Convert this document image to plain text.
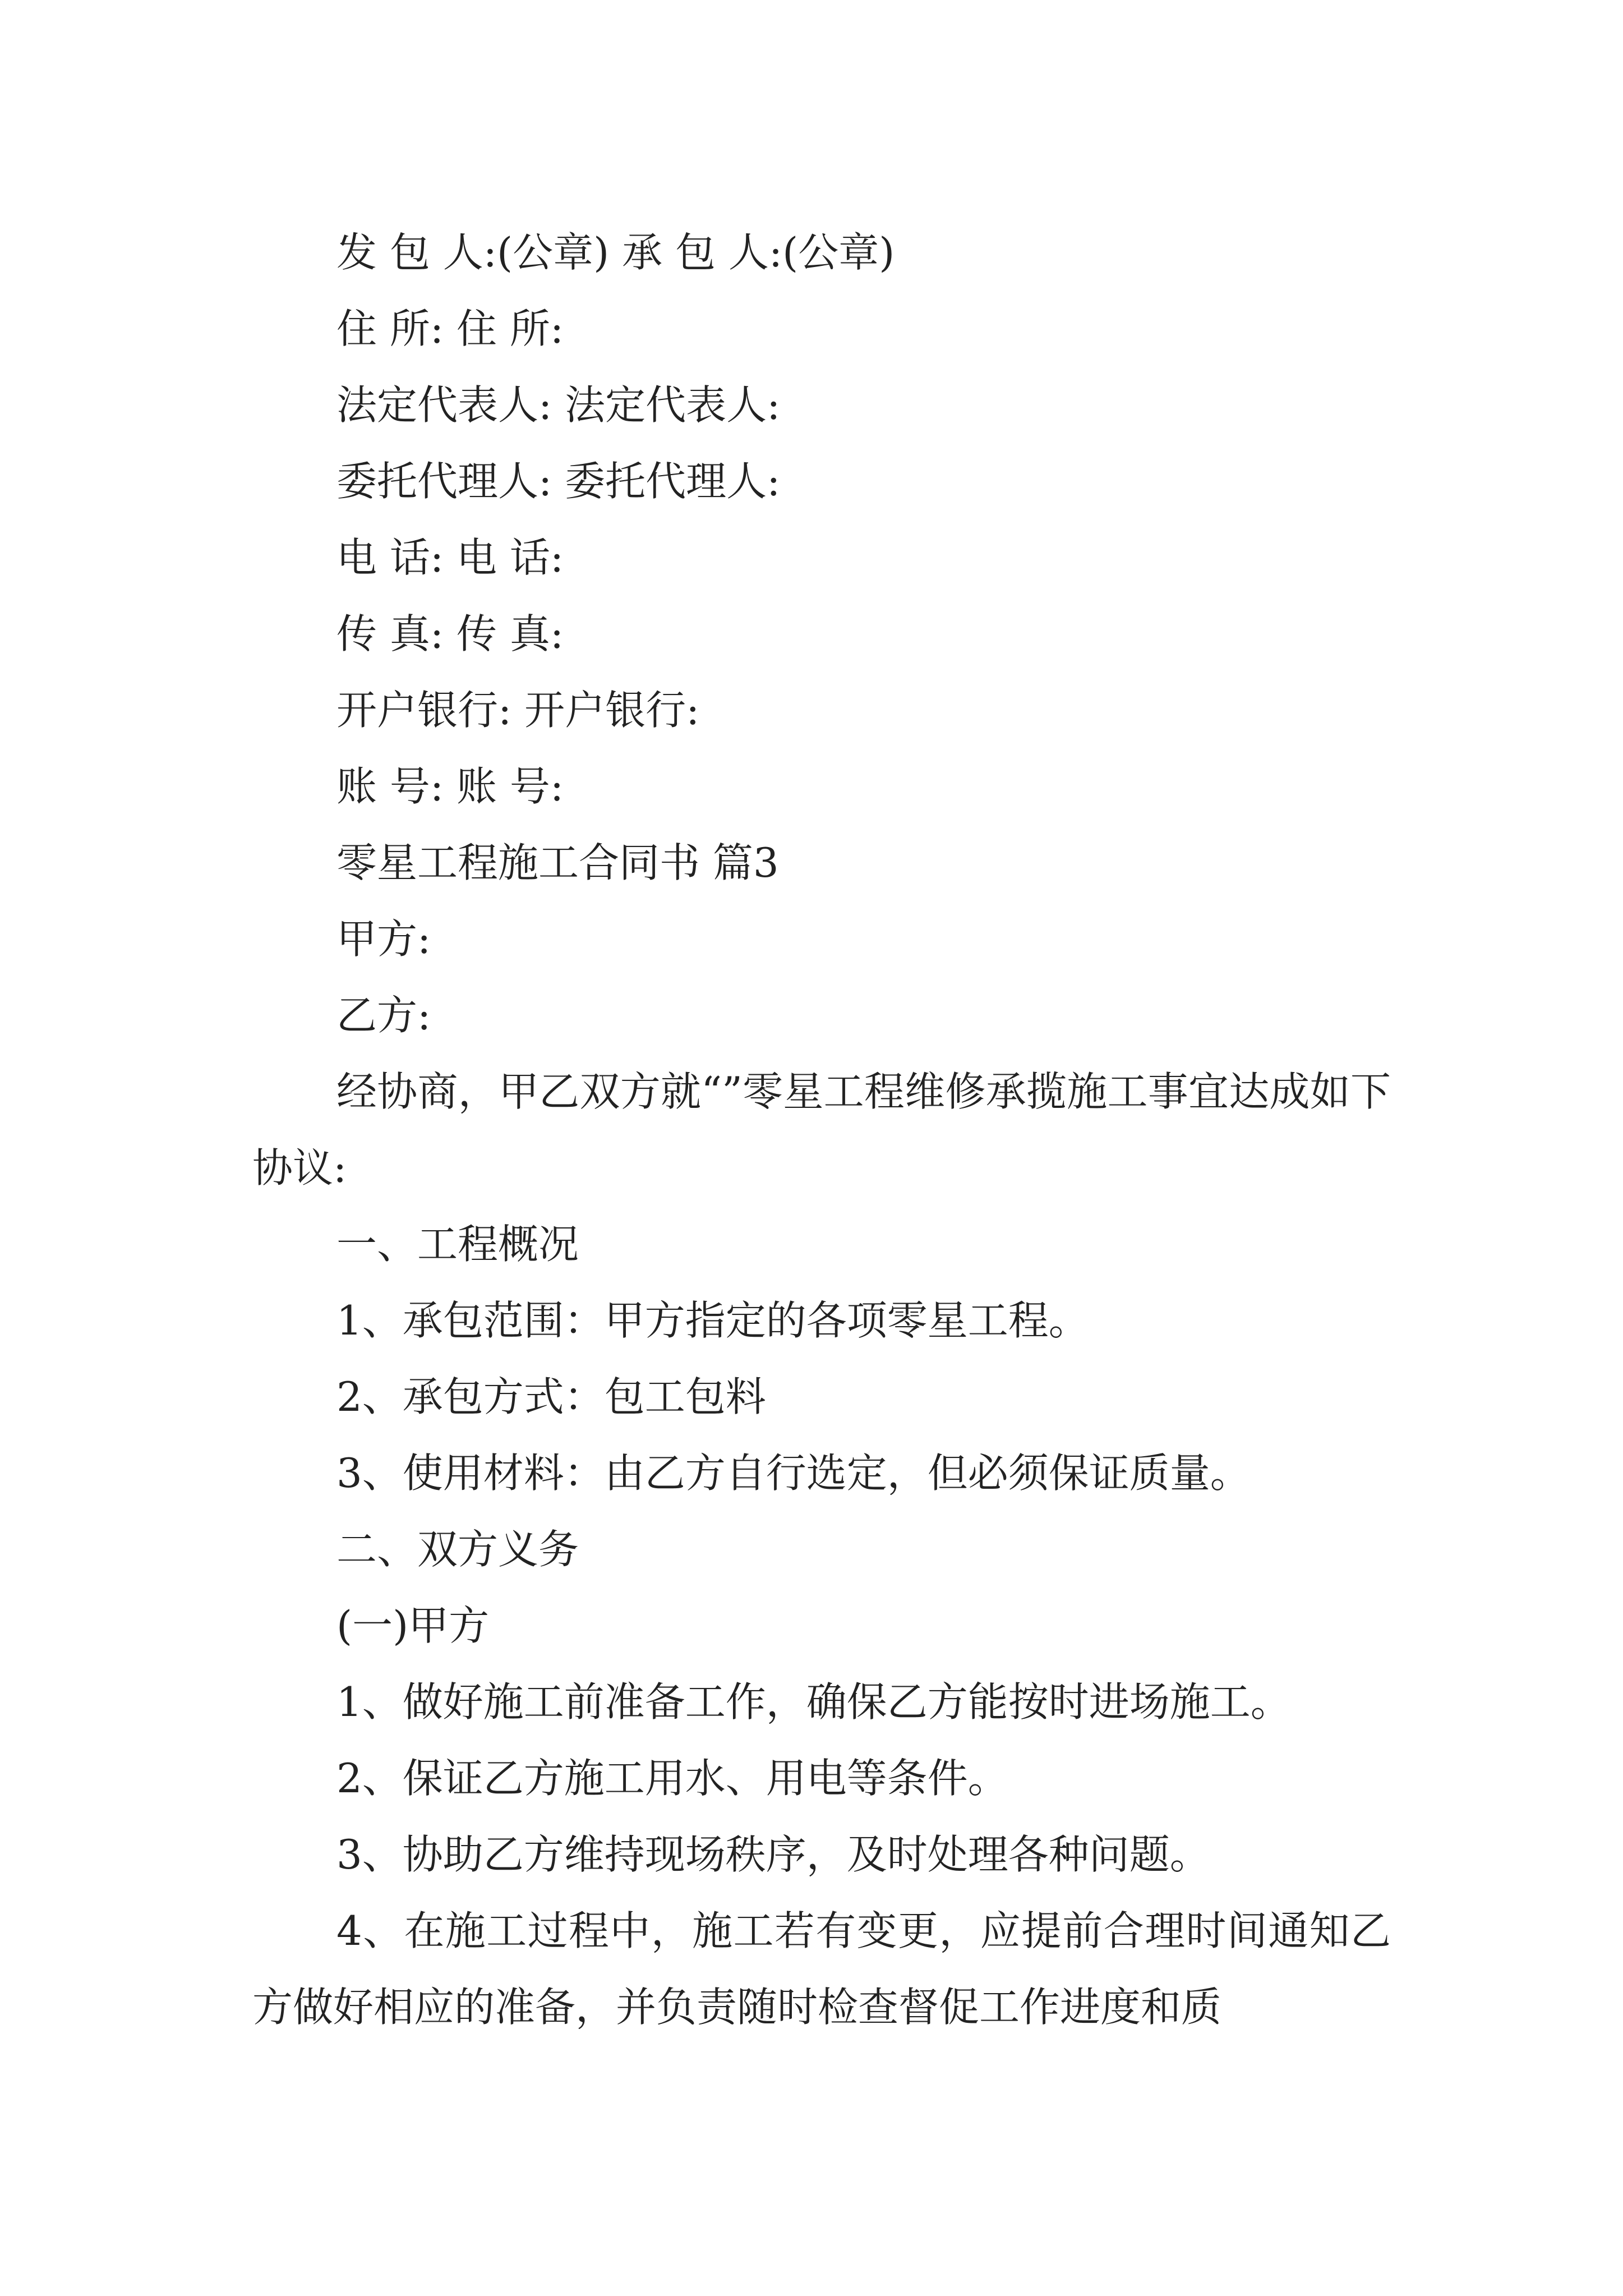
发 包 人:(公章) 承 包 人:(公章)

住 所: 住 所:

法定代表人: 法定代表人:

委托代理人: 委托代理人:

电 话: 电 话:

传 真: 传 真:

开户银行: 开户银行:

账 号: 账 号:

零星工程施工合同书 篇3

甲方:

乙方:

经协商，甲乙双方就“”零星工程维修承揽施工事宜达成如下协议:

一、工程概况

1、承包范围：甲方指定的各项零星工程。

2、承包方式：包工包料

3、使用材料：由乙方自行选定，但必须保证质量。

二、双方义务

(一)甲方

1、做好施工前准备工作，确保乙方能按时进场施工。

2、保证乙方施工用水、用电等条件。

3、协助乙方维持现场秩序，及时处理各种问题。

4、在施工过程中，施工若有变更，应提前合理时间通知乙方做好相应的准备，并负责随时检查督促工作进度和质
